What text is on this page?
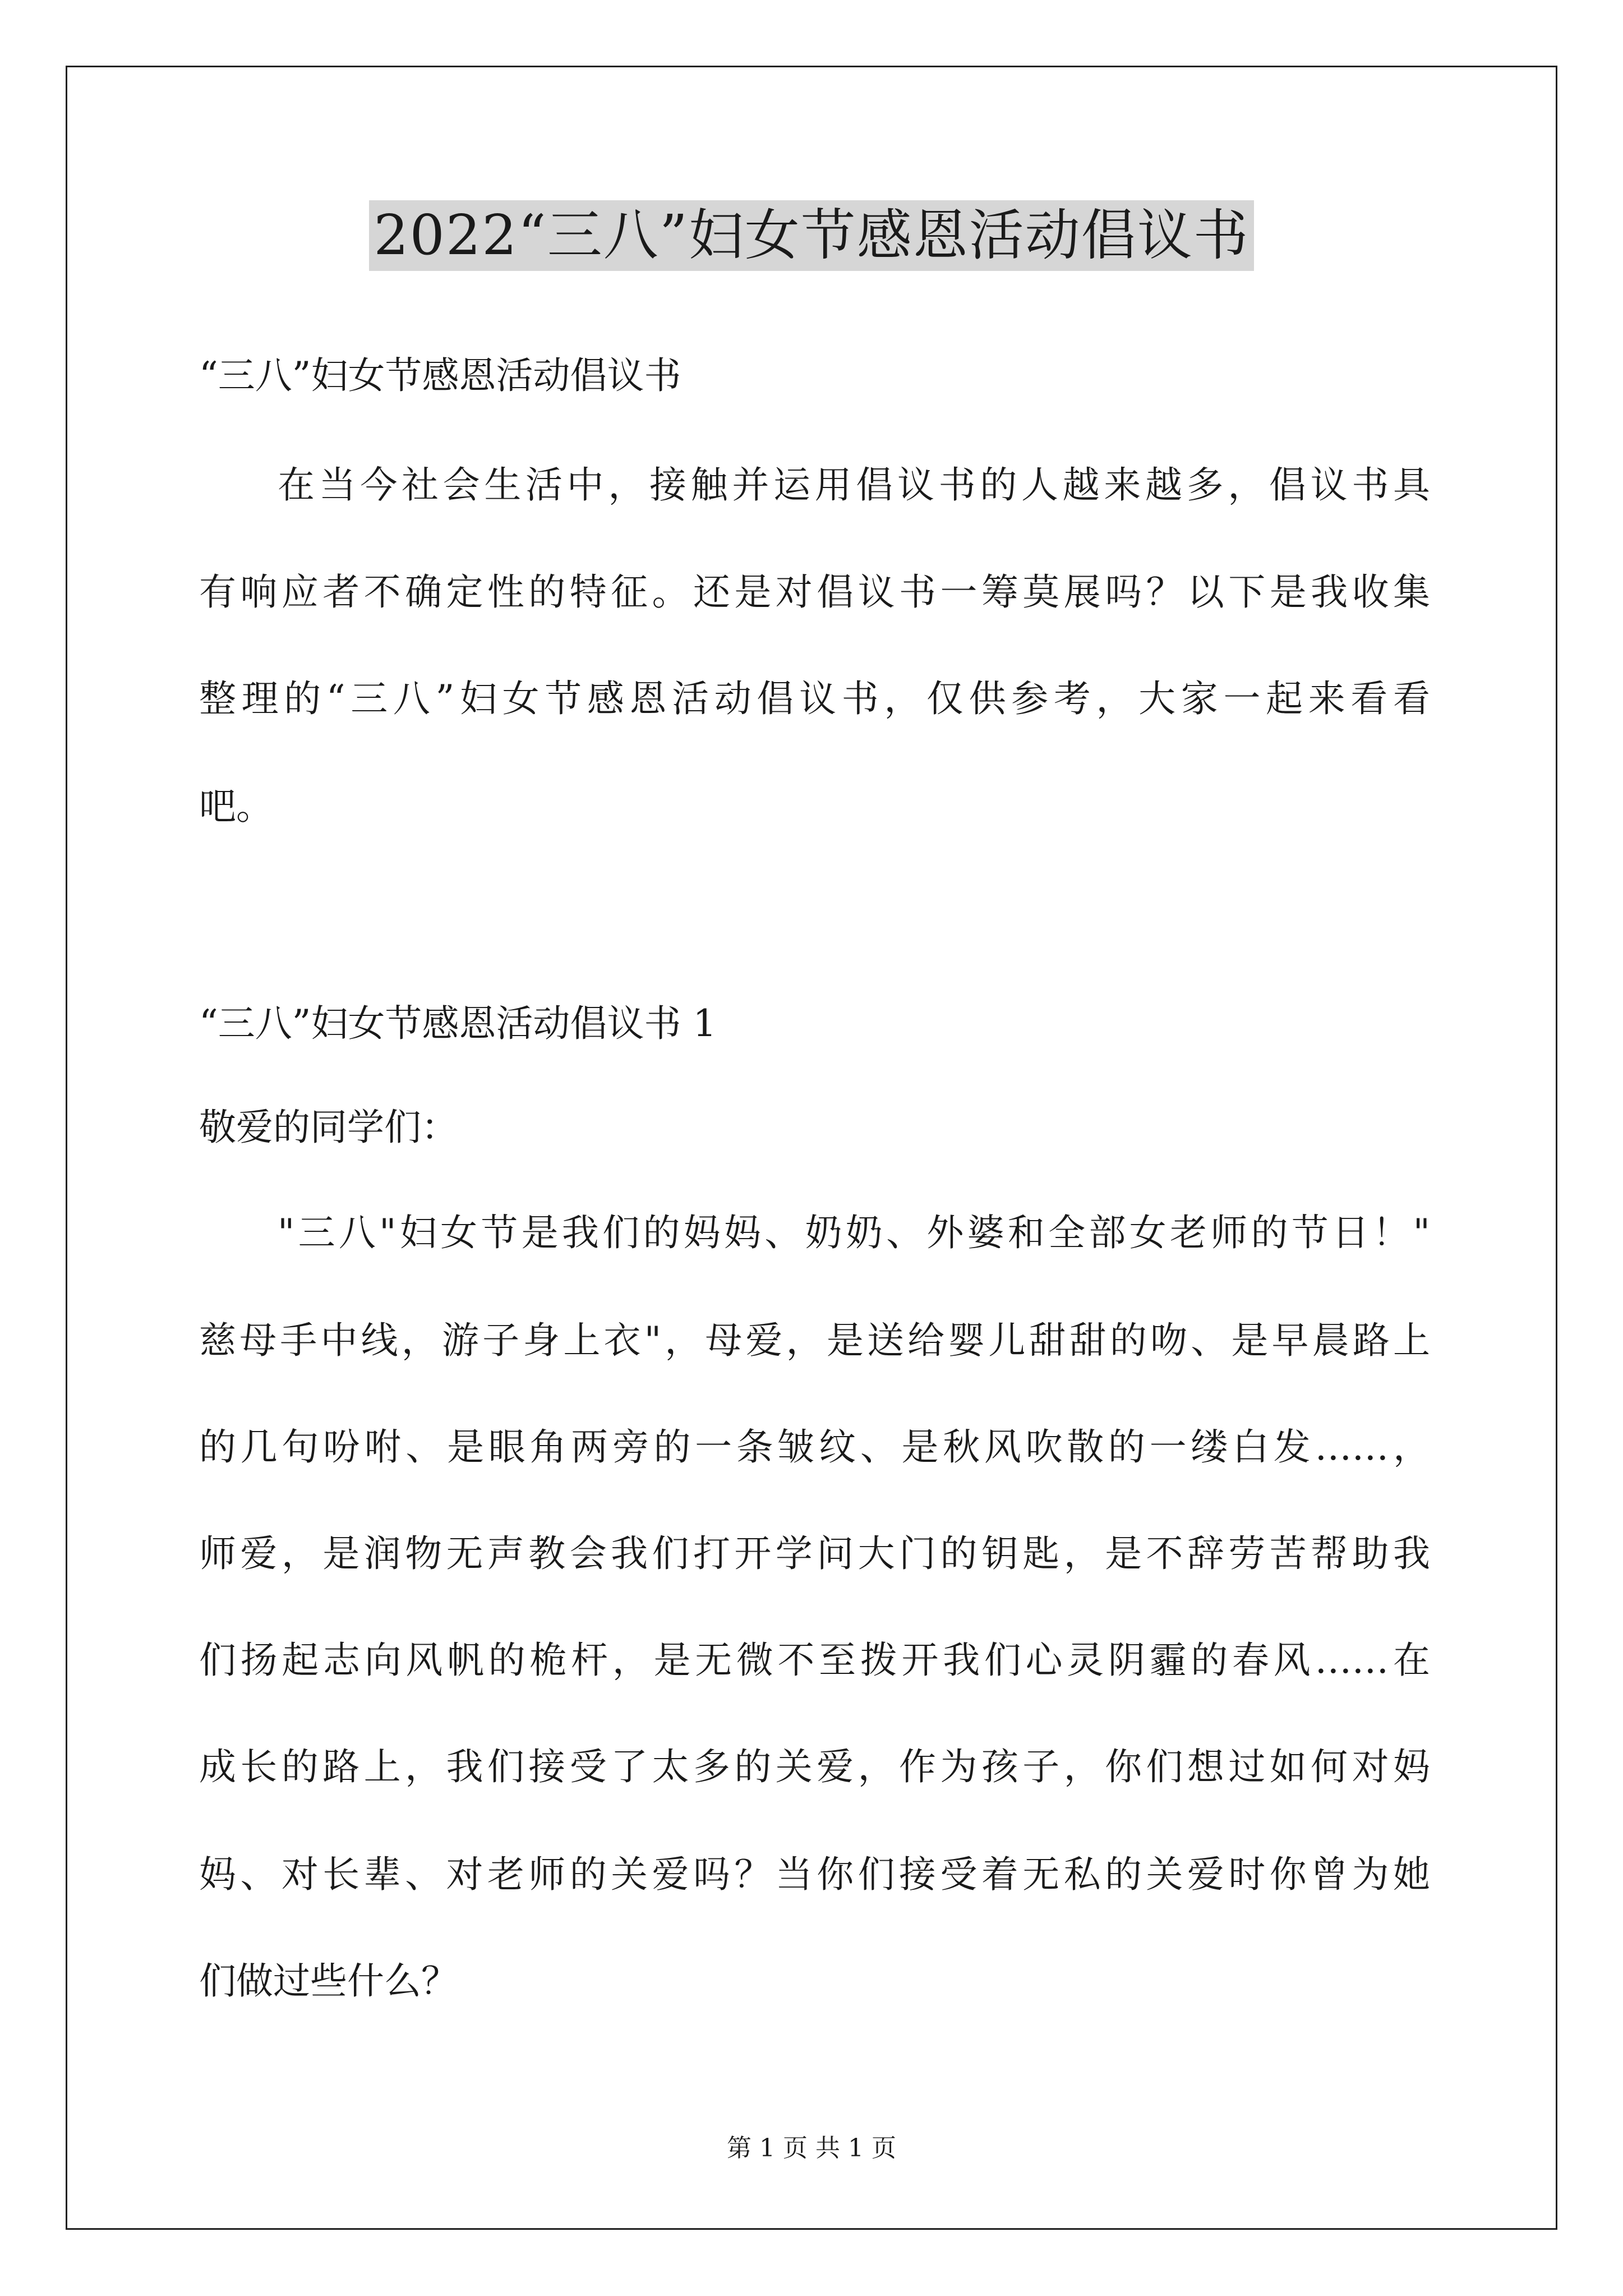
2022“三八”妇女节感恩活动倡议书
“三八”妇女节感恩活动倡议书
在当今社会生活中，接触并运用倡议书的人越来越多，倡议书具
有响应者不确定性的特征。还是对倡议书一筹莫展吗？以下是我收集
整理的“三八”妇女节感恩活动倡议书，仅供参考，大家一起来看看
吧。
“三八”妇女节感恩活动倡议书 1
敬爱的同学们：
"三八"妇女节是我们的妈妈、奶奶、外婆和全部女老师的节日！"
慈母手中线，游子身上衣"，母爱，是送给婴儿甜甜的吻、是早晨路上
的几句吩咐、是眼角两旁的一条皱纹、是秋风吹散的一缕白发……，
师爱，是润物无声教会我们打开学问大门的钥匙，是不辞劳苦帮助我
们扬起志向风帆的桅杆，是无微不至拨开我们心灵阴霾的春风……在
成长的路上，我们接受了太多的关爱，作为孩子，你们想过如何对妈
妈、对长辈、对老师的关爱吗？当你们接受着无私的关爱时你曾为她
们做过些什么？
第 1 页 共 1 页
